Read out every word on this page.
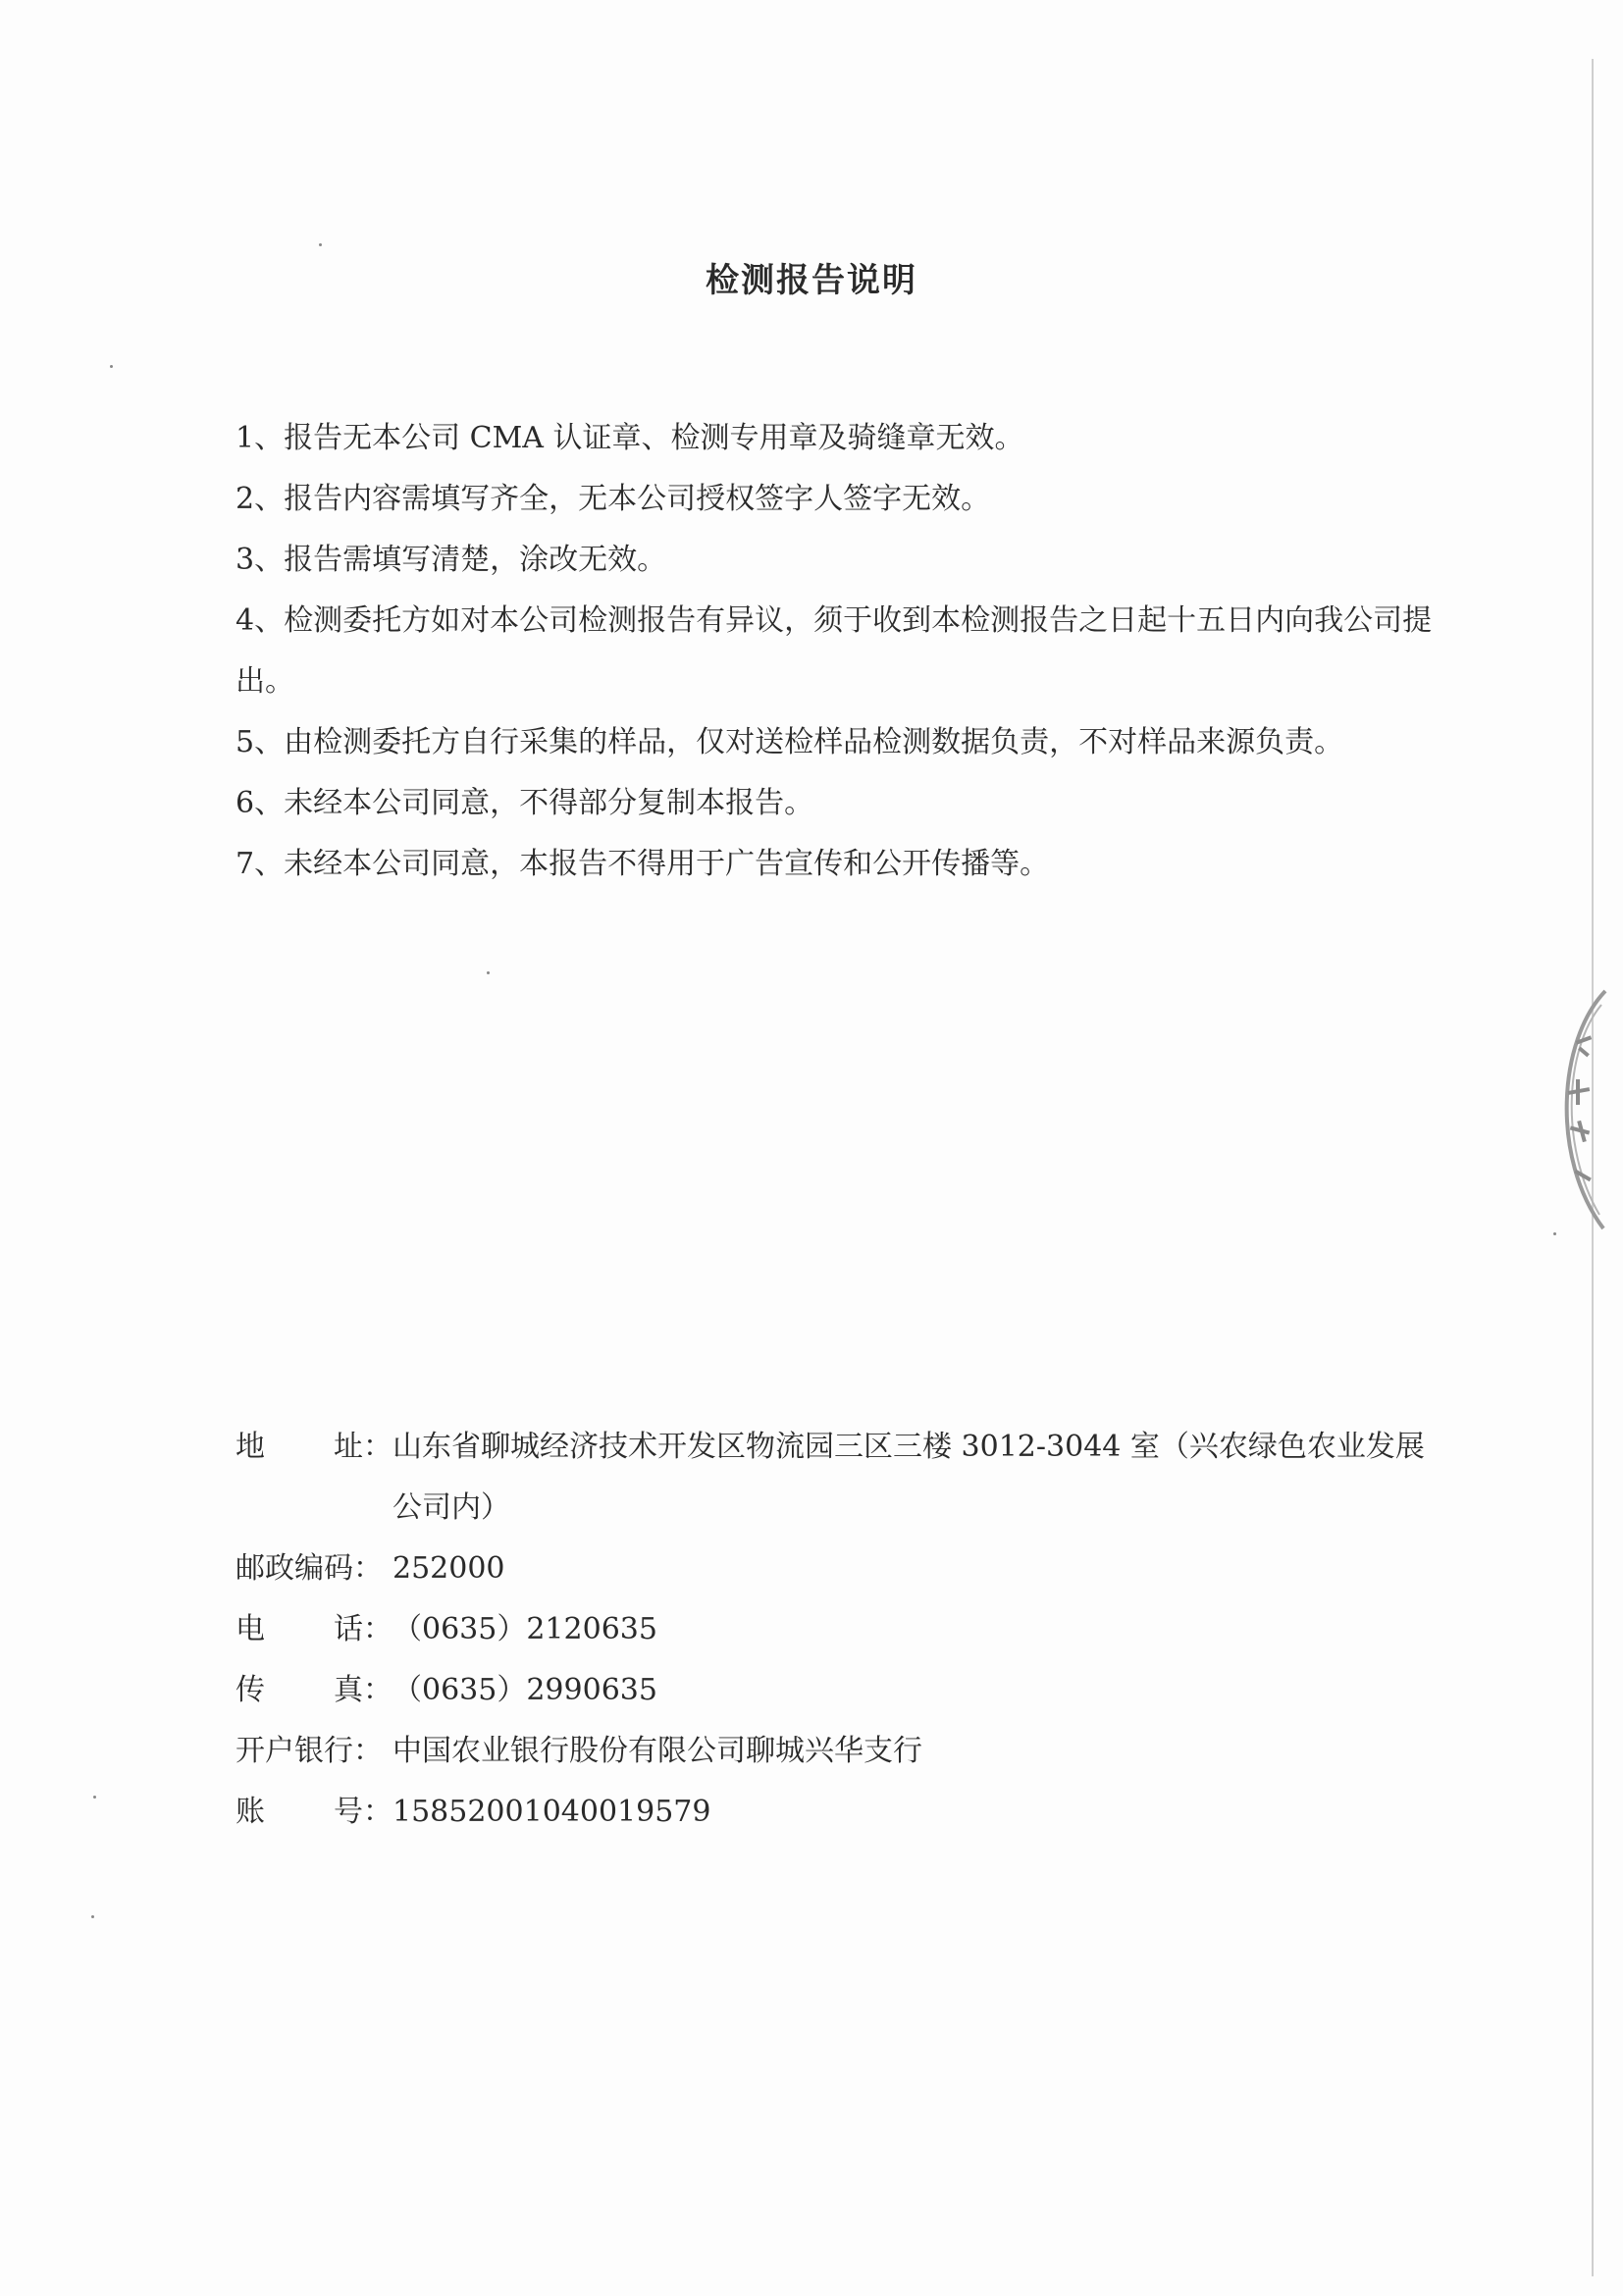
检测报告说明
1、报告无本公司 CMA 认证章、检测专用章及骑缝章无效。
2、报告内容需填写齐全，无本公司授权签字人签字无效。
3、报告需填写清楚，涂改无效。
4、检测委托方如对本公司检测报告有异议，须于收到本检测报告之日起十五日内向我公司提出。
5、由检测委托方自行采集的样品，仅对送检样品检测数据负责，不对样品来源负责。
6、未经本公司同意，不得部分复制本报告。
7、未经本公司同意，本报告不得用于广告宣传和公开传播等。
地 址： 山东省聊城经济技术开发区物流园三区三楼 3012-3044 室（兴农绿色农业发展公司内）
邮政编码： 252000
电 话： （0635）2120635
传 真： （0635）2990635
开户银行： 中国农业银行股份有限公司聊城兴华支行
账 号： 15852001040019579
